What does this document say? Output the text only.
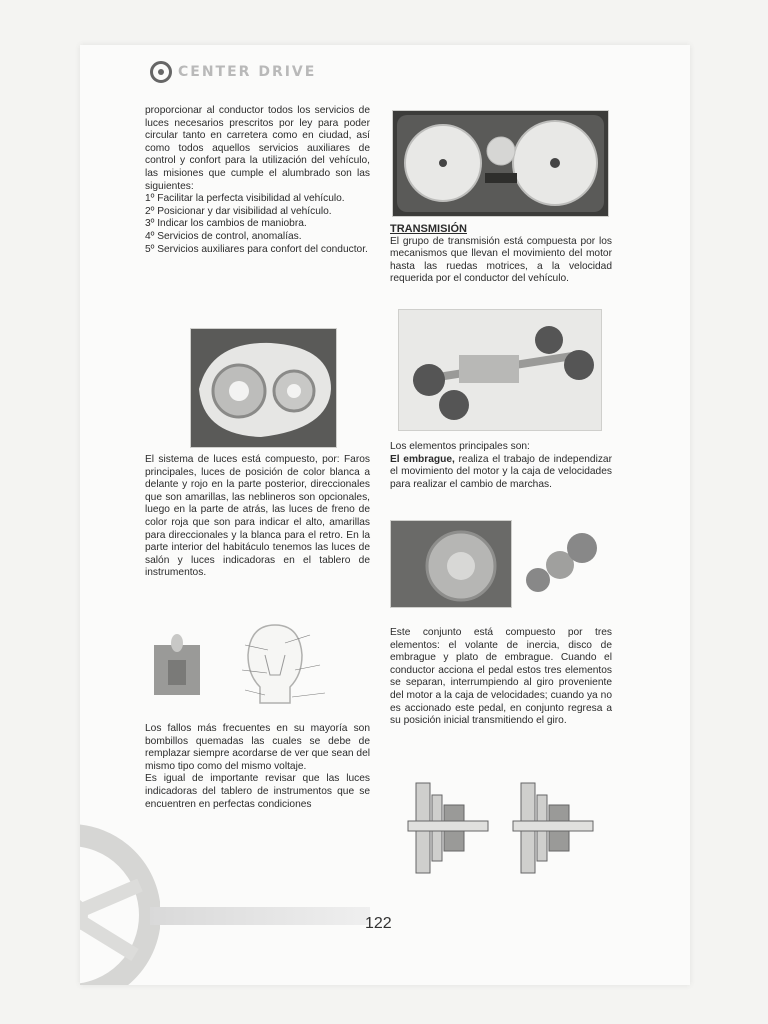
CENTER DRIVE

proporcionar al conductor todos los servicios de luces necesarios prescritos por ley para poder circular tanto en carretera como en ciudad, así como todos aquellos servicios auxiliares de control y confort para la utilización del vehículo, las misiones que cumple el alumbrado son las siguientes:

1º Facilitar la perfecta visibilidad al vehículo.

2º Posicionar y dar visibilidad al vehículo.

3º Indicar los cambios de maniobra.

4º Servicios de control, anomalías.

5º Servicios auxiliares para confort del conductor.

El sistema de luces está compuesto, por: Faros principales, luces de posición de color blanca a delante y rojo en la parte posterior, direccionales que son amarillas, las neblineros son opcionales, luego en la parte de atrás, las luces de freno de color roja que son para indicar el alto, amarillas para direccionales y la blanca para el retro. En la parte interior del habitáculo tenemos las luces de salón y luces indicadoras en el tablero de instrumentos.

Los fallos más frecuentes en su mayoría son bombillos quemadas las cuales se debe de remplazar siempre acordarse de ver que sean del mismo tipo como del mismo voltaje.

Es igual de importante revisar que las luces indicadoras del tablero de instrumentos que se encuentren en perfectas condiciones

TRANSMISIÓN

El grupo de transmisión está compuesta por los mecanismos que llevan el movimiento del motor hasta las ruedas motrices, a la velocidad requerida por el conductor del vehículo.

Los elementos principales son:

El embrague, realiza el trabajo de independizar el movimiento del motor y la caja de velocidades para realizar el cambio de marchas.

Este conjunto está compuesto por tres elementos: el volante de inercia, disco de embrague y plato de embrague. Cuando el conductor acciona el pedal estos tres elementos se separan, interrumpiendo al giro proveniente del motor a la caja de velocidades; cuando ya no es accionado este pedal, en conjunto regresa a su posición inicial transmitiendo el giro.

122
